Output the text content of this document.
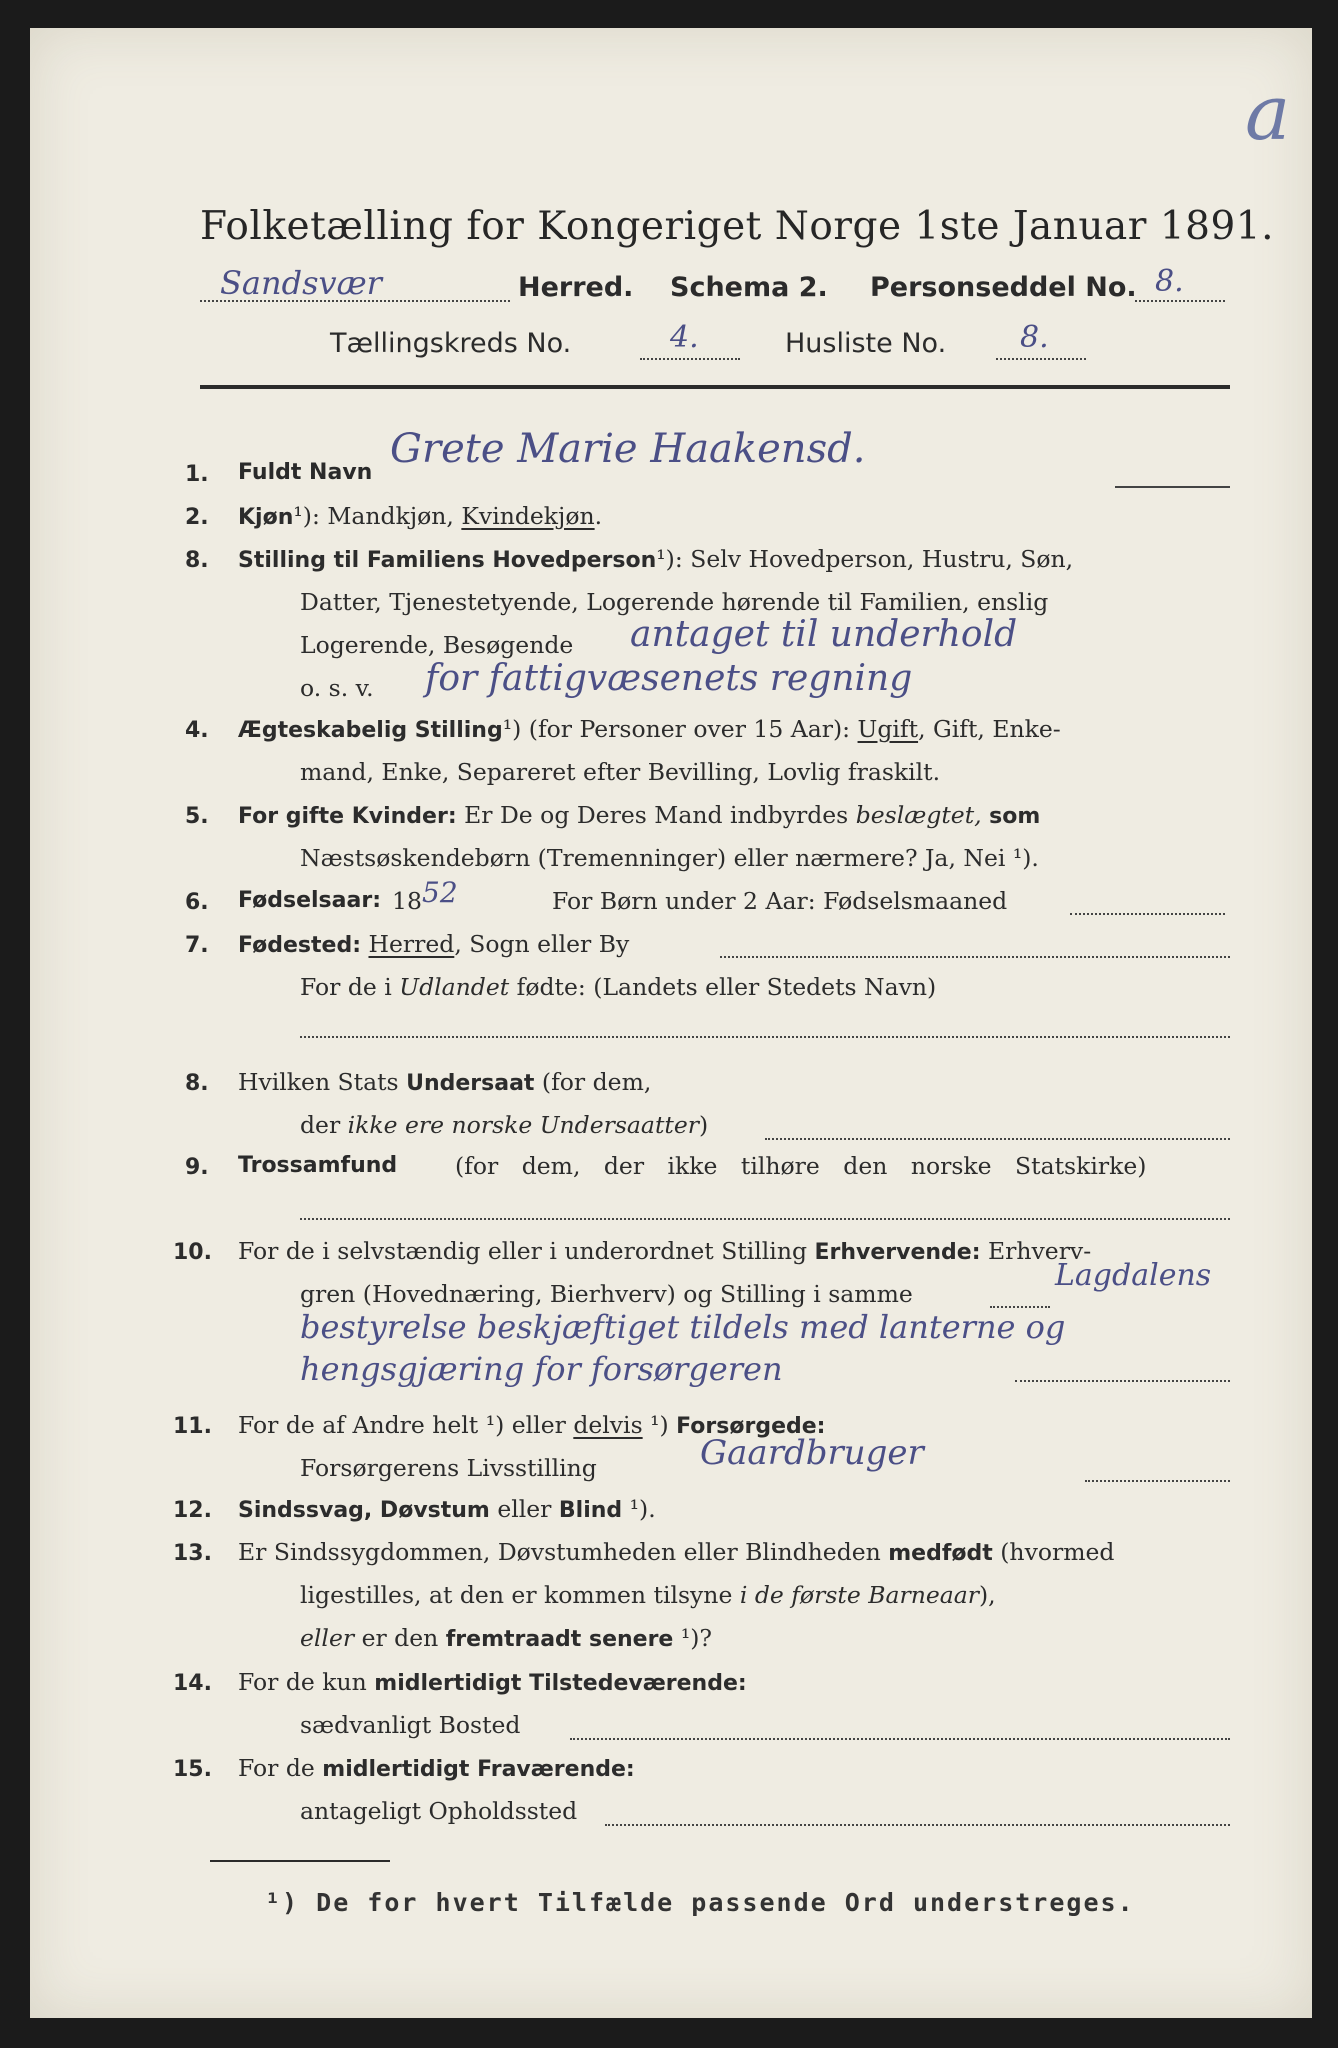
a
Folketælling for Kongeriget Norge 1ste Januar 1891.
Sandsvær	Herred. Schema 2. Personseddel No. 8.
Tællingskreds No.	4.	Husliste No. 8.
1. Fuldt Navn
Grete Marie Haakensd.
2. Kjøn¹): Mandkjøn, Kvindekjøn.
8. Stilling til Familiens Hovedperson¹): Selv Hovedperson, Hustru, Søn,
Datter, Tjenestetyende, Logerende hørende til Familien, enslig
Logerende, Besøgende antaget til underhold
o. s. v. for fattigvæsenets regning
4. Ægteskabelig Stilling¹) (for Personer over 15 Aar): Ugift, Gift, Enke-
mand, Enke, Separeret efter Bevilling, Lovlig fraskilt.
5. For gifte Kvinder: Er De og Deres Mand indbyrdes beslægtet, som
Næstsøskendebørn (Tremenninger) eller nærmere? Ja, Nei ¹).
6. Fødselsaar: 18 52	For Børn under 2 Aar: Fødselsmaaned
7. Fødested: Herred, Sogn eller By
For de i Udlandet fødte: (Landets eller Stedets Navn)
8. Hvilken Stats Undersaat (for dem,
der ikke ere norske Undersaatter)
9. Trossamfund (for dem, der ikke tilhøre den norske Statskirke)
10. For de i selvstændig eller i underordnet Stilling Erhvervende: Erhverv-
gren (Hovednæring, Bierhverv) og Stilling i samme
Lagdalens
bestyrelse beskjæftiget tildels med lanterne og
hengsgjæring for forsørgeren
11. For de af Andre helt ¹) eller delvis ¹) Forsørgede:
Forsørgerens Livsstilling	Gaardbruger
12. Sindssvag, Døvstum eller Blind ¹).
13. Er Sindssygdommen, Døvstumheden eller Blindheden medfødt (hvormed
ligestilles, at den er kommen tilsyne i de første Barneaar),
eller er den fremtraadt senere ¹)?
14. For de kun midlertidigt Tilstedeværende:
sædvanligt Bosted
15. For de midlertidigt Fraværende:
antageligt Opholdssted
¹) De for hvert Tilfælde passende Ord understreges.
